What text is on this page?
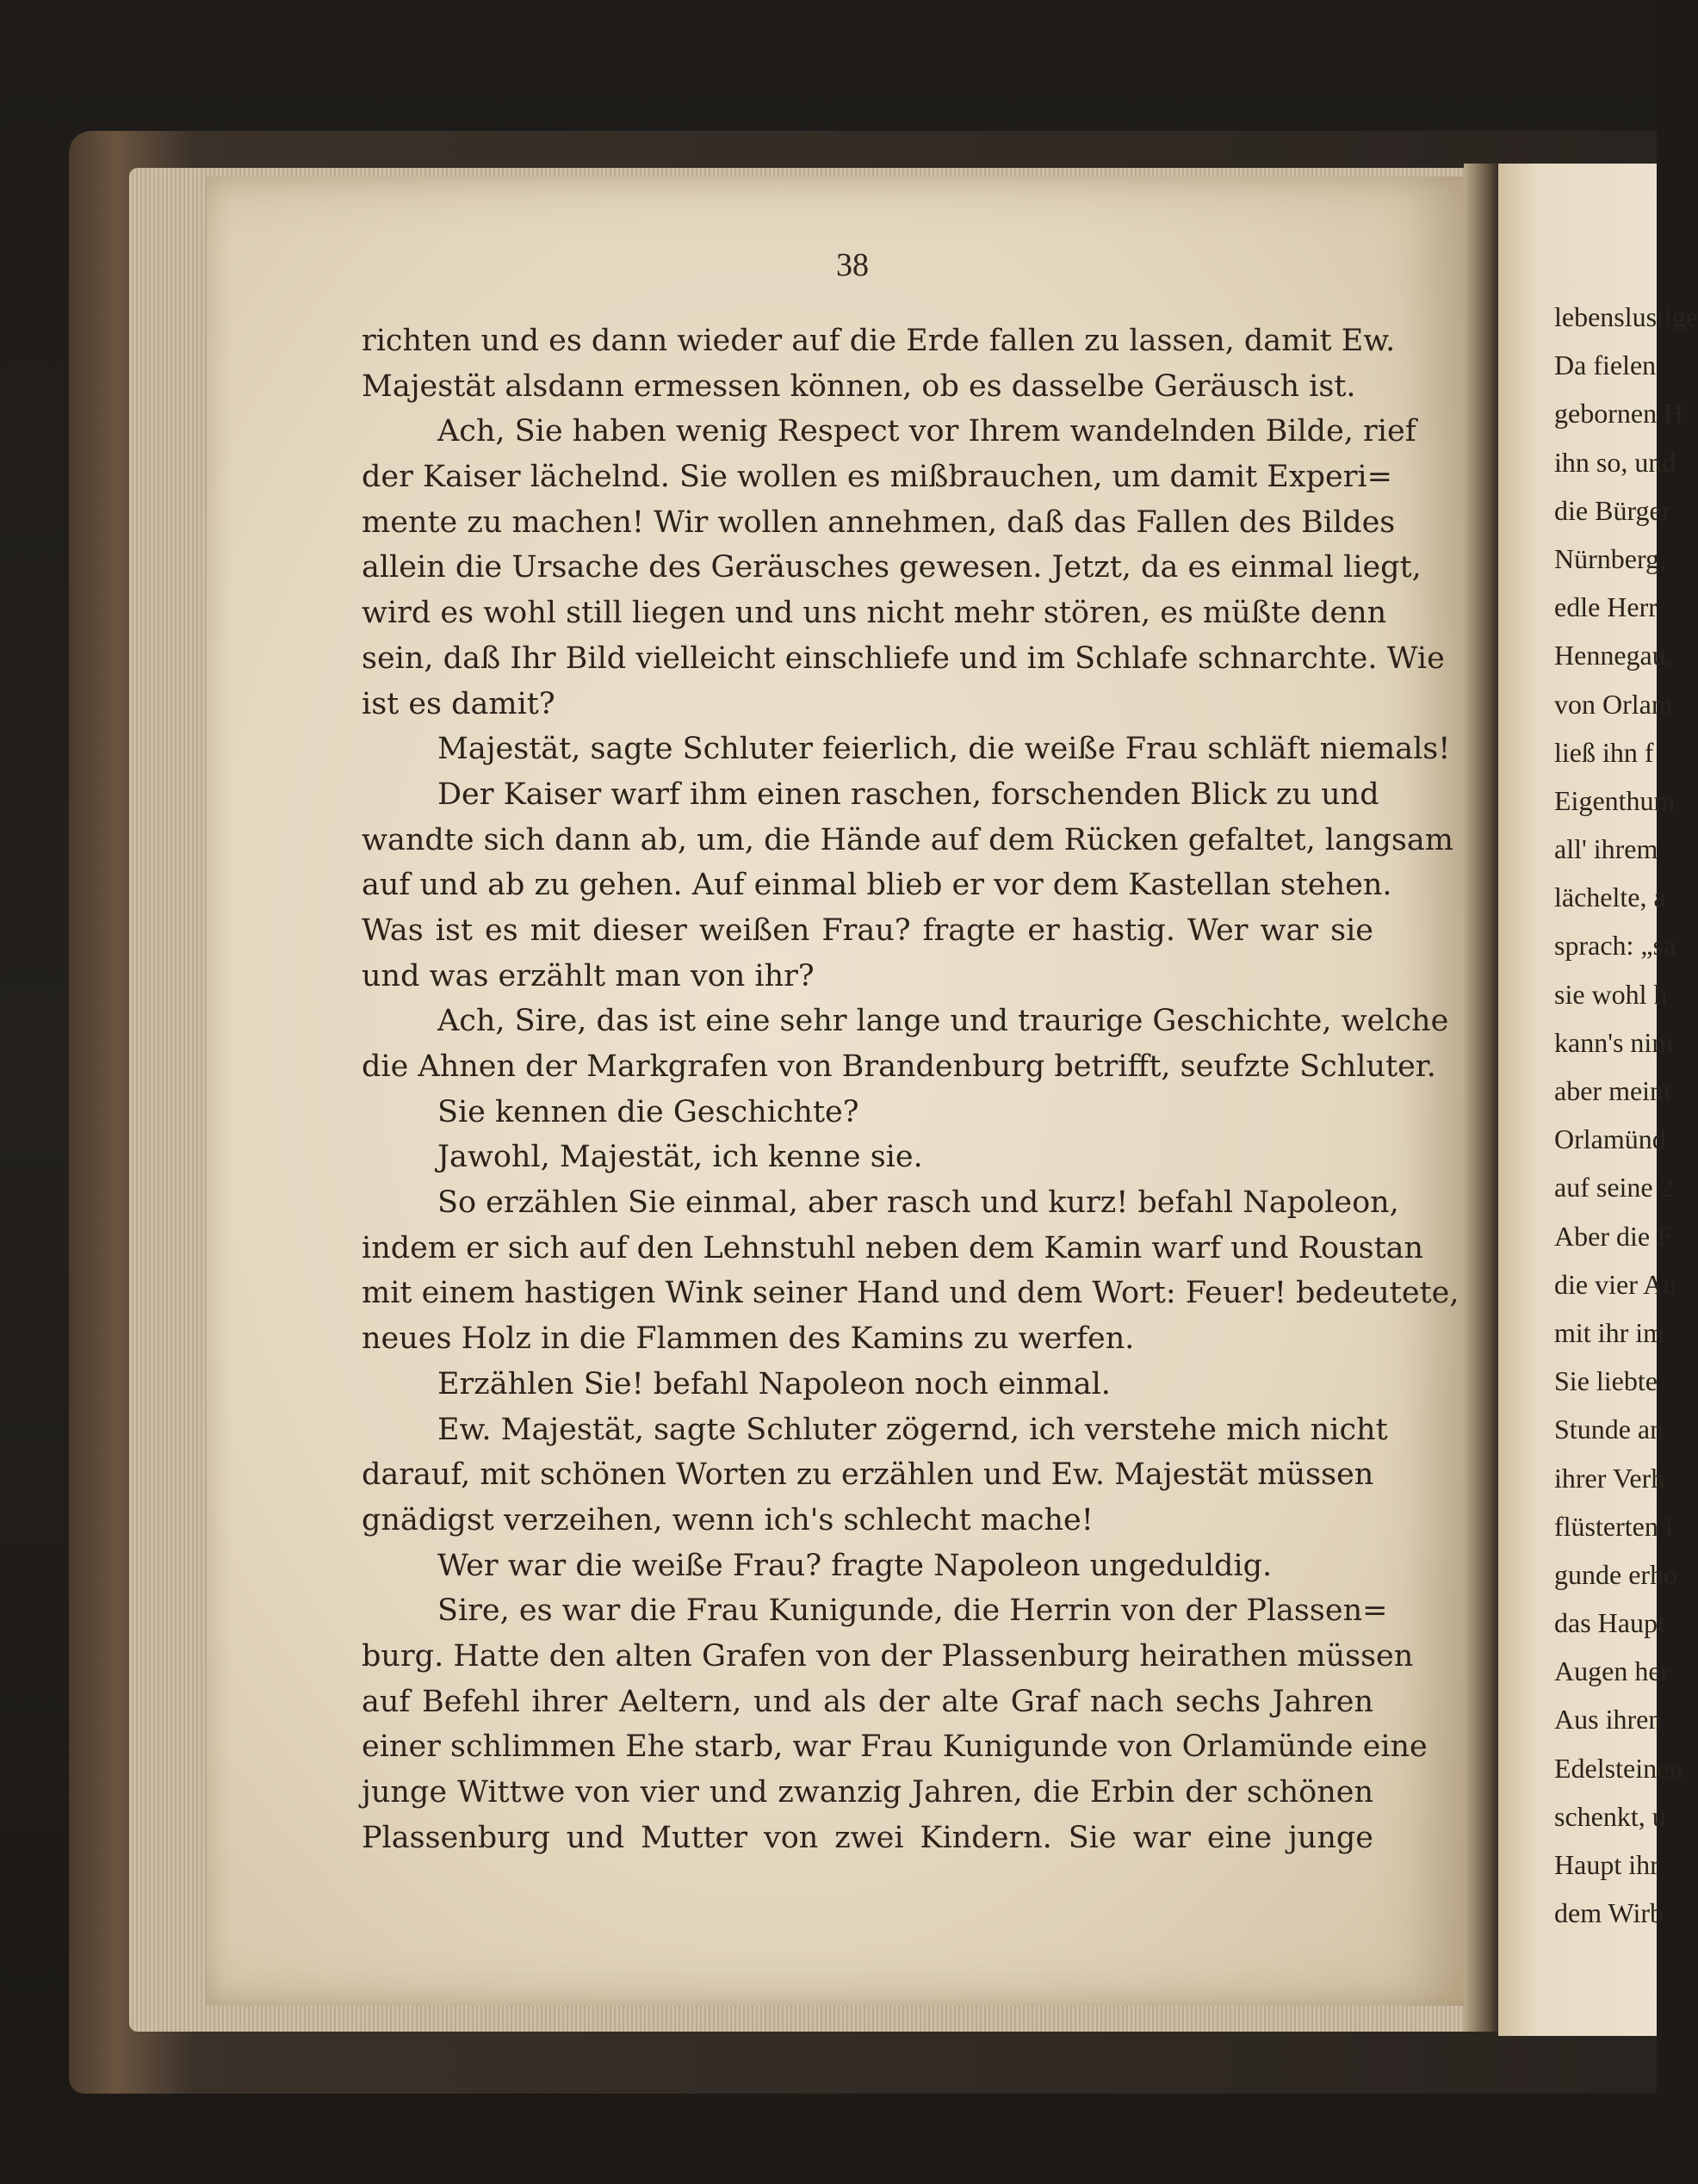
38
richten und es dann wieder auf die Erde fallen zu lassen, damit Ew.
Majestät alsdann ermessen können, ob es dasselbe Geräusch ist.
Ach, Sie haben wenig Respect vor Ihrem wandelnden Bilde, rief
der Kaiser lächelnd. Sie wollen es mißbrauchen, um damit Experi=
mente zu machen! Wir wollen annehmen, daß das Fallen des Bildes
allein die Ursache des Geräusches gewesen. Jetzt, da es einmal liegt,
wird es wohl still liegen und uns nicht mehr stören, es müßte denn
sein, daß Ihr Bild vielleicht einschliefe und im Schlafe schnarchte. Wie
ist es damit?
Majestät, sagte Schluter feierlich, die weiße Frau schläft niemals!
Der Kaiser warf ihm einen raschen, forschenden Blick zu und
wandte sich dann ab, um, die Hände auf dem Rücken gefaltet, langsam
auf und ab zu gehen. Auf einmal blieb er vor dem Kastellan stehen.
Was ist es mit dieser weißen Frau? fragte er hastig. Wer war sie
und was erzählt man von ihr?
Ach, Sire, das ist eine sehr lange und traurige Geschichte, welche
die Ahnen der Markgrafen von Brandenburg betrifft, seufzte Schluter.
Sie kennen die Geschichte?
Jawohl, Majestät, ich kenne sie.
So erzählen Sie einmal, aber rasch und kurz! befahl Napoleon,
indem er sich auf den Lehnstuhl neben dem Kamin warf und Roustan
mit einem hastigen Wink seiner Hand und dem Wort: Feuer! bedeutete,
neues Holz in die Flammen des Kamins zu werfen.
Erzählen Sie! befahl Napoleon noch einmal.
Ew. Majestät, sagte Schluter zögernd, ich verstehe mich nicht
darauf, mit schönen Worten zu erzählen und Ew. Majestät müssen
gnädigst verzeihen, wenn ich's schlecht mache!
Wer war die weiße Frau? fragte Napoleon ungeduldig.
Sire, es war die Frau Kunigunde, die Herrin von der Plassen=
burg. Hatte den alten Grafen von der Plassenburg heirathen müssen
auf Befehl ihrer Aeltern, und als der alte Graf nach sechs Jahren
einer schlimmen Ehe starb, war Frau Kunigunde von Orlamünde eine
junge Wittwe von vier und zwanzig Jahren, die Erbin der schönen
Plassenburg und Mutter von zwei Kindern. Sie war eine junge
lebenslustige
Da fielen
gebornen H
ihn so, und
die Bürger
Nürnberg,
edle Herr
Hennegau,
von Orlam
ließ ihn f
Eigenthum
all' ihrem
lächelte, a
sprach: „sa
sie wohl h
kann's nim
aber meint
Orlamünd
auf seine 2
Aber die F
die vier Au
mit ihr im
Sie liebte
Stunde an
ihrer Verh
flüsterten i
gunde erho
das Haupt
Augen her
Aus ihren
Edelsteinen
schenkt, u
Haupt ihr
dem Wirb
